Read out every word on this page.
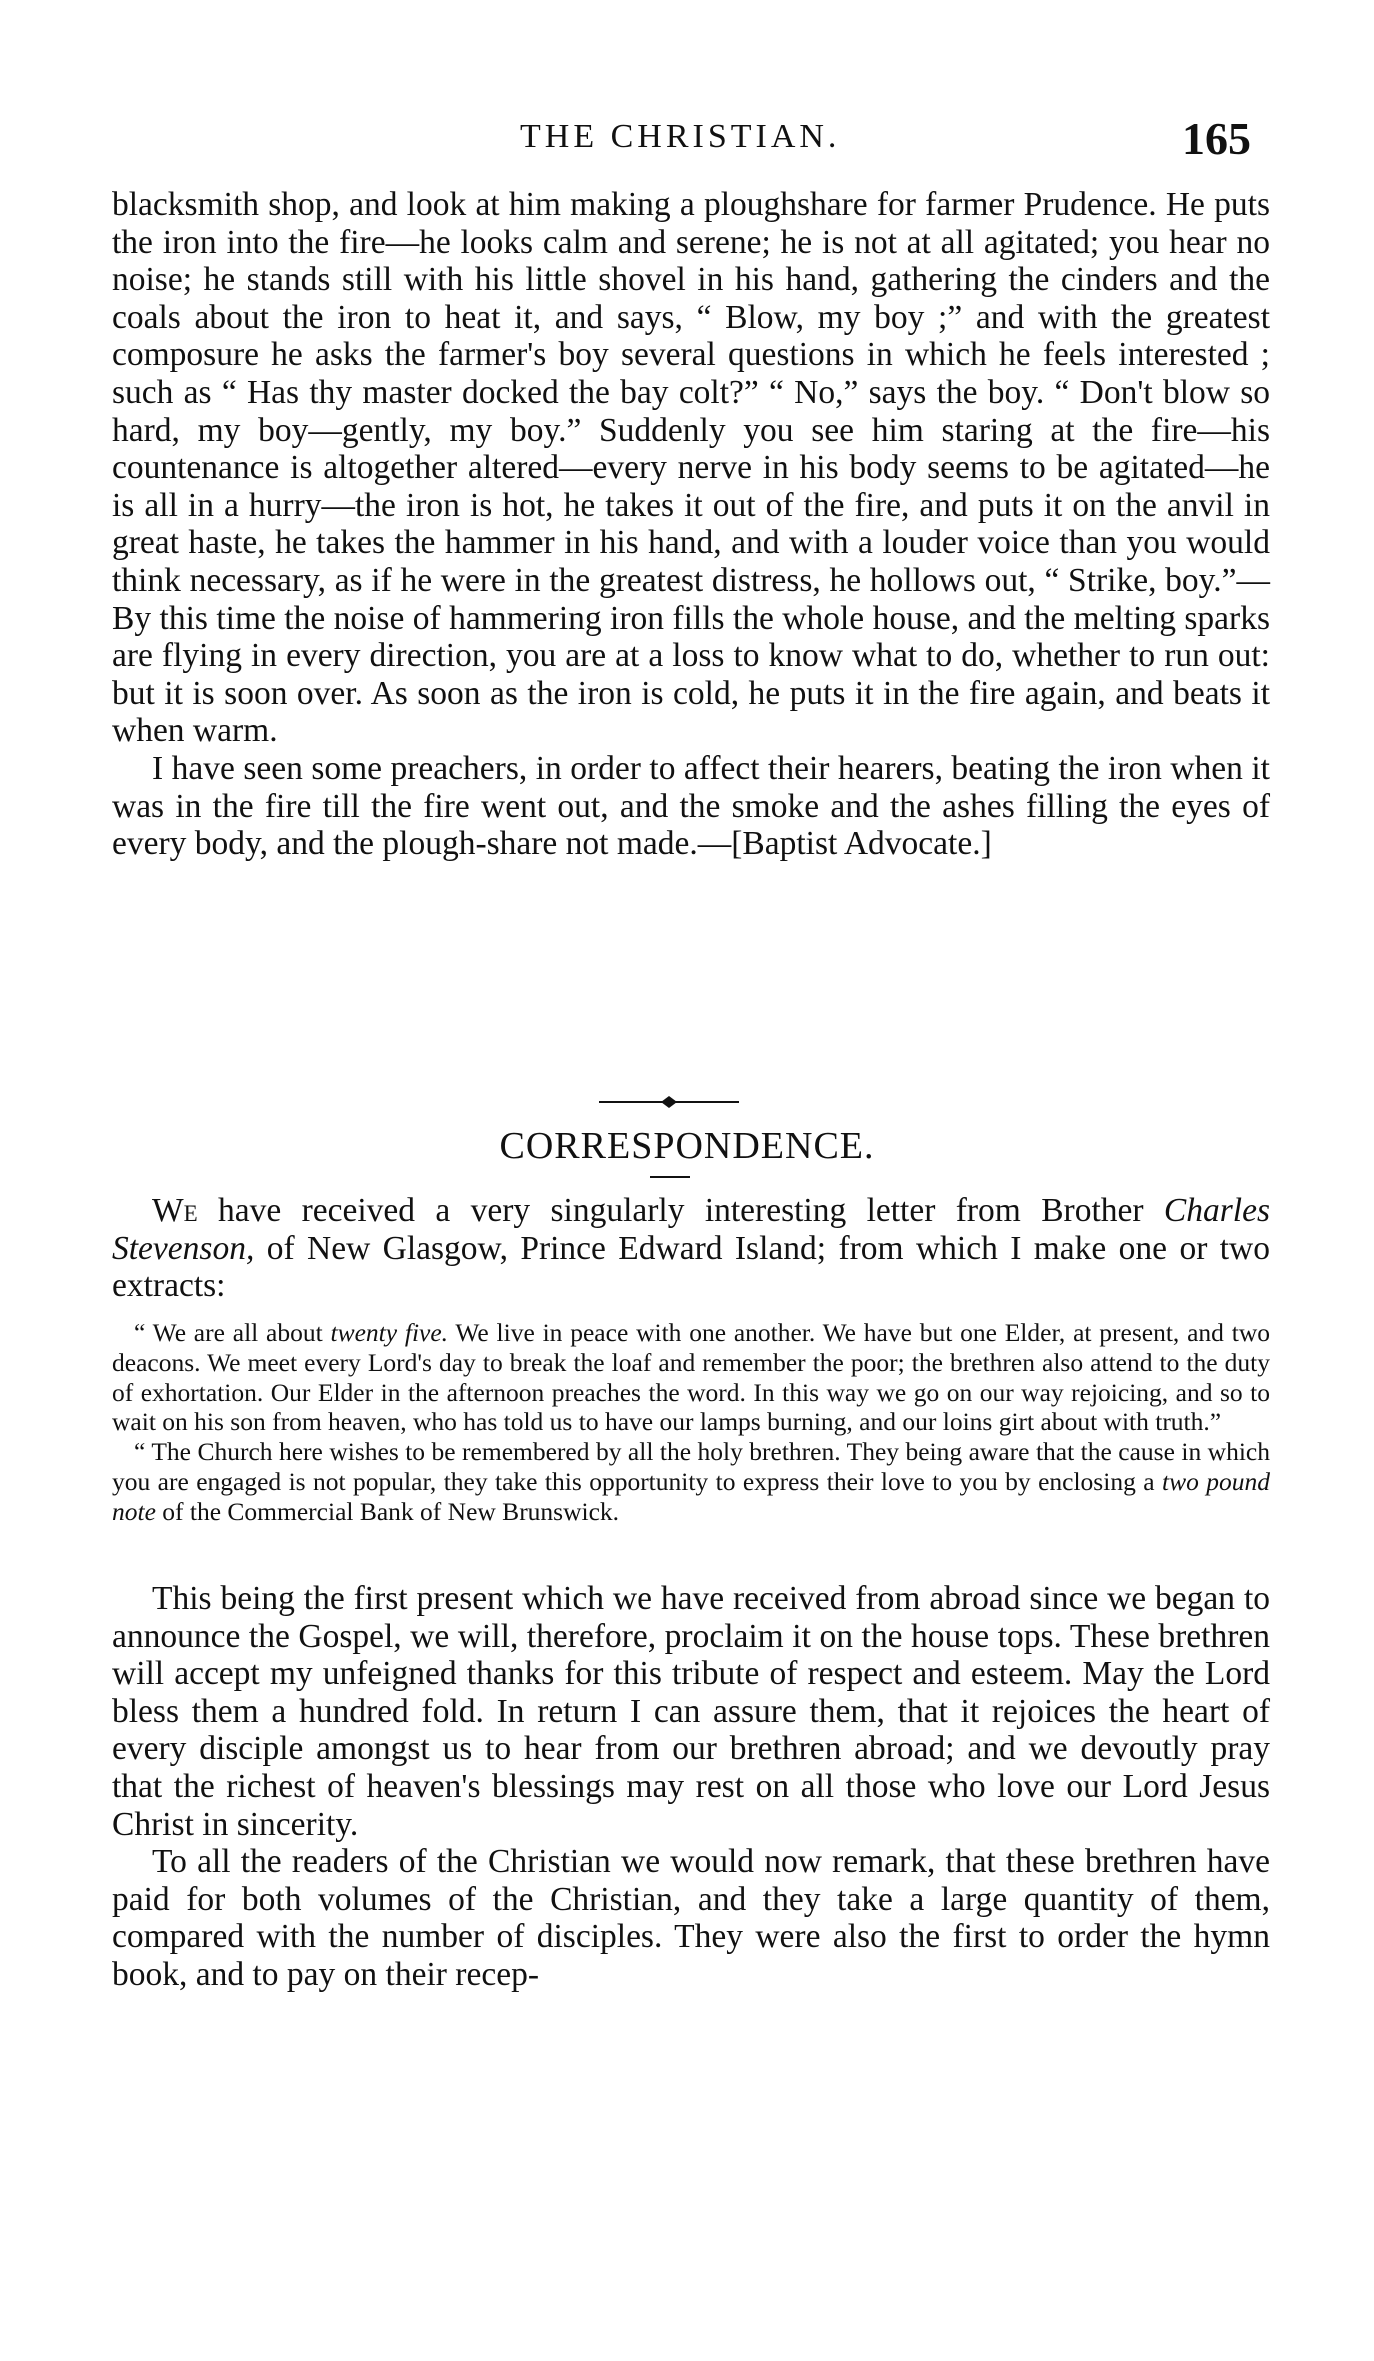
THE CHRISTIAN.	165

blacksmith shop, and look at him making a ploughshare for farmer Prudence. He puts the iron into the fire—he looks calm and serene; he is not at all agitated; you hear no noise; he stands still with his little shovel in his hand, gathering the cinders and the coals about the iron to heat it, and says, “ Blow, my boy ;” and with the greatest composure he asks the farmer's boy several questions in which he feels interested ; such as “ Has thy master docked the bay colt?” “ No,” says the boy. “ Don't blow so hard, my boy—gently, my boy.” Suddenly you see him staring at the fire—his countenance is altogether altered—every nerve in his body seems to be agitated—he is all in a hurry—the iron is hot, he takes it out of the fire, and puts it on the anvil in great haste, he takes the hammer in his hand, and with a louder voice than you would think necessary, as if he were in the greatest distress, he hollows out, “ Strike, boy.”—By this time the noise of hammering iron fills the whole house, and the melting sparks are flying in every direction, you are at a loss to know what to do, whether to run out: but it is soon over. As soon as the iron is cold, he puts it in the fire again, and beats it when warm.

I have seen some preachers, in order to affect their hearers, beating the iron when it was in the fire till the fire went out, and the smoke and the ashes filling the eyes of every body, and the plough-share not made.—[Baptist Advocate.]

CORRESPONDENCE.

We have received a very singularly interesting letter from Brother Charles Stevenson, of New Glasgow, Prince Edward Island; from which I make one or two extracts:

“ We are all about twenty five. We live in peace with one another. We have but one Elder, at present, and two deacons. We meet every Lord's day to break the loaf and remember the poor; the brethren also attend to the duty of exhortation. Our Elder in the afternoon preaches the word. In this way we go on our way rejoicing, and so to wait on his son from heaven, who has told us to have our lamps burning, and our loins girt about with truth.”

“ The Church here wishes to be remembered by all the holy brethren. They being aware that the cause in which you are engaged is not popular, they take this opportunity to express their love to you by enclosing a two pound note of the Commercial Bank of New Brunswick.

This being the first present which we have received from abroad since we began to announce the Gospel, we will, therefore, proclaim it on the house tops. These brethren will accept my unfeigned thanks for this tribute of respect and esteem. May the Lord bless them a hundred fold. In return I can assure them, that it rejoices the heart of every disciple amongst us to hear from our brethren abroad; and we devoutly pray that the richest of heaven's blessings may rest on all those who love our Lord Jesus Christ in sincerity.

To all the readers of the Christian we would now remark, that these brethren have paid for both volumes of the Christian, and they take a large quantity of them, compared with the number of disciples. They were also the first to order the hymn book, and to pay on their recep-
